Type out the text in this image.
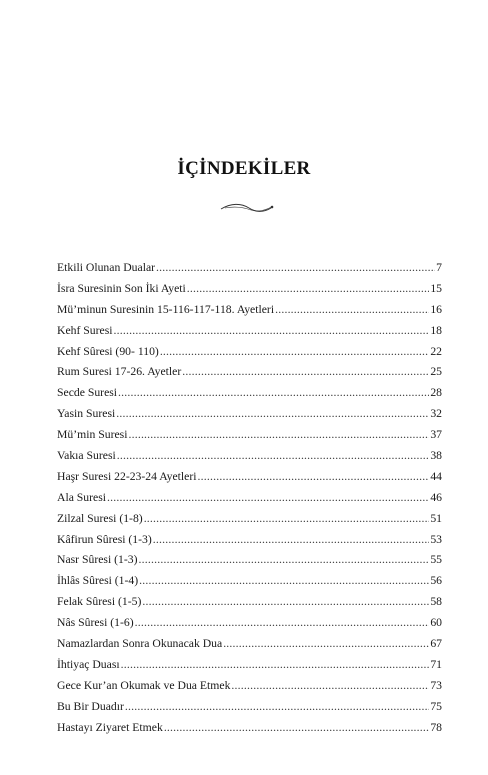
İÇİNDEKİLER
Etkili Olunan Dualar .....	7
İsra Suresinin Son İki Ayeti .....	15
Mü’minun Suresinin 15-116-117-118. Ayetleri .....	16
Kehf Suresi .....	18
Kehf Sûresi (90- 110) .....	22
Rum Suresi 17-26. Ayetler .....	25
Secde Suresi .....	28
Yasin Suresi .....	32
Mü’min Suresi .....	37
Vakıa Suresi .....	38
Haşr Suresi 22-23-24 Ayetleri .....	44
Ala Suresi .....	46
Zilzal Suresi (1-8) .....	51
Kâfirun Sûresi (1-3) .....	53
Nasr Sûresi (1-3) .....	55
İhlâs Sûresi (1-4) .....	56
Felak Sûresi (1-5) .....	58
Nâs Sûresi (1-6) .....	60
Namazlardan Sonra Okunacak Dua .....	67
İhtiyaç Duası .....	71
Gece Kur’an Okumak ve Dua Etmek .....	73
Bu Bir Duadır .....	75
Hastayı Ziyaret Etmek .....	78
